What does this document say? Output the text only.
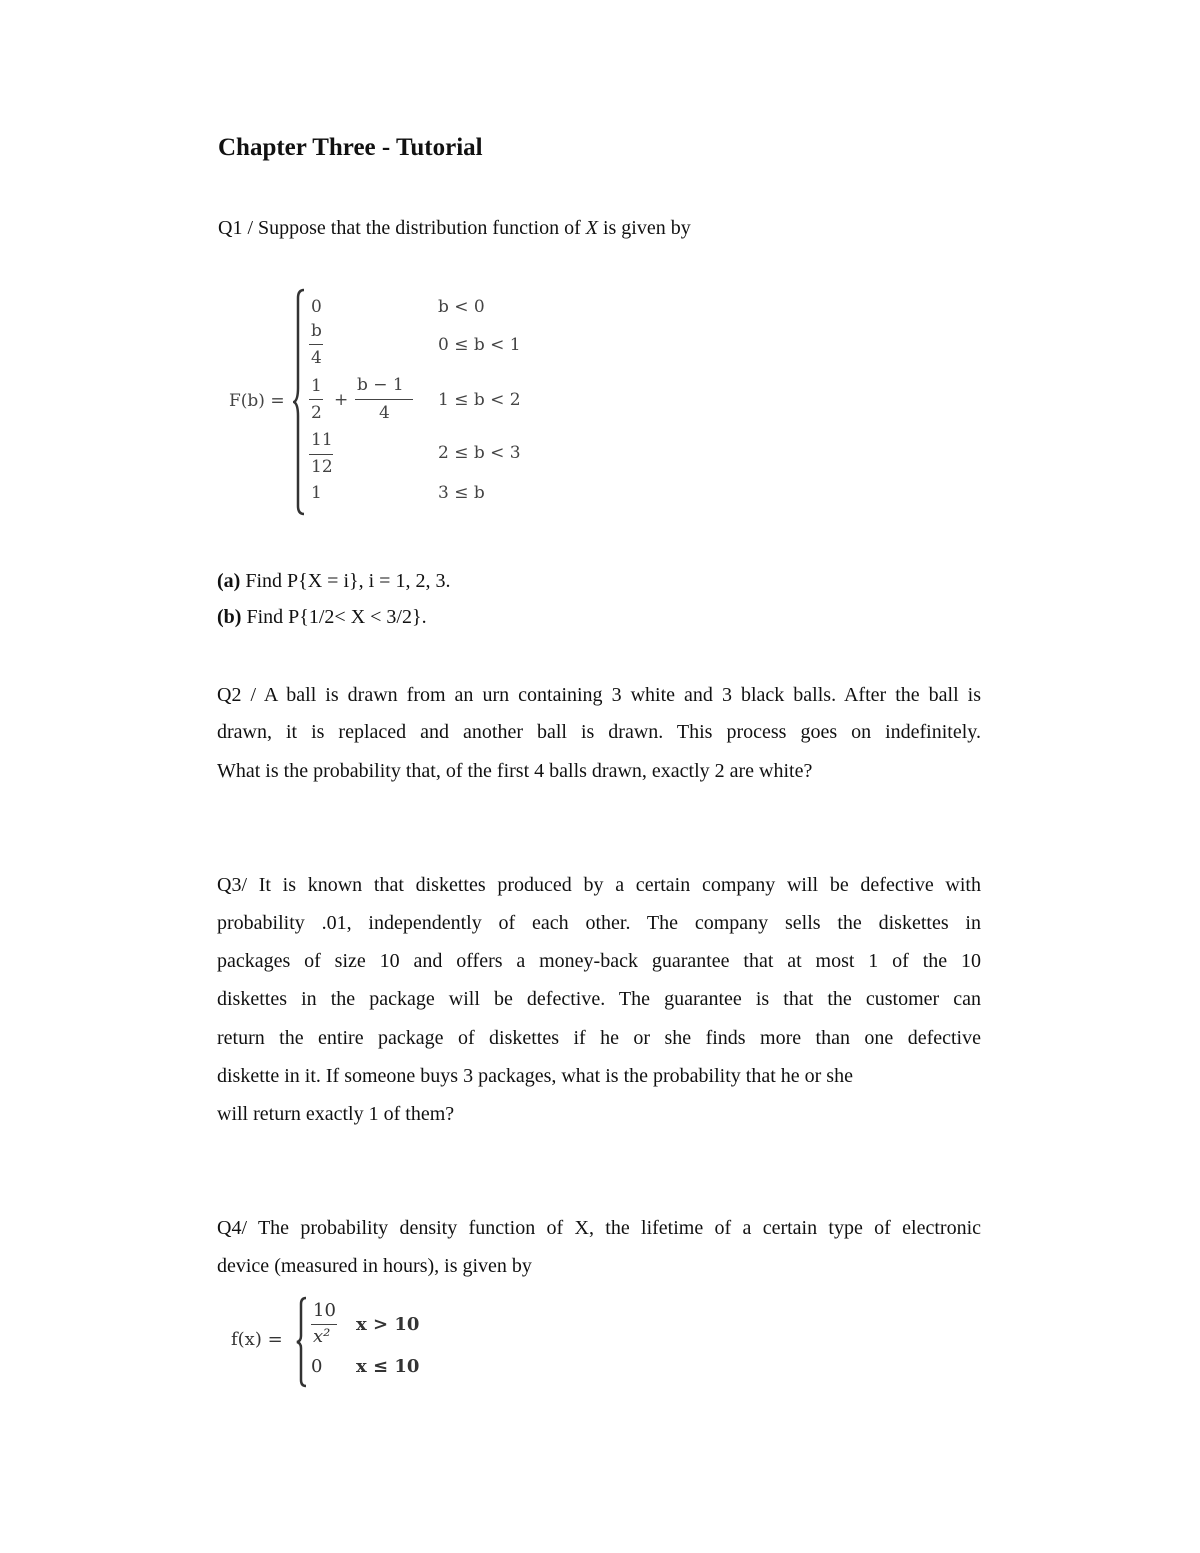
Chapter Three - Tutorial
Q1 / Suppose that the distribution function of X is given by
F(b) =
0	b < 0
b
4
0 ≤ b < 1
1
2
+
b − 1
4
1 ≤ b < 2
11
12
2 ≤ b < 3
1	3 ≤ b
(a) Find P{X = i}, i = 1, 2, 3.
(b) Find P{1/2< X < 3/2}.
Q2 / A ball is drawn from an urn containing 3 white and 3 black balls. After the ball is
drawn, it is replaced and another ball is drawn. This process goes on indefinitely.
What is the probability that, of the first 4 balls drawn, exactly 2 are white?
Q3/ It is known that diskettes produced by a certain company will be defective with
probability .01, independently of each other. The company sells the diskettes in
packages of size 10 and offers a money-back guarantee that at most 1 of the 10
diskettes in the package will be defective. The guarantee is that the customer can
return the entire package of diskettes if he or she finds more than one defective
diskette in it. If someone buys 3 packages, what is the probability that he or she
will return exactly 1 of them?
Q4/ The probability density function of X, the lifetime of a certain type of electronic
device (measured in hours), is given by
f(x) =
10
x²
x > 10
0 x ≤ 10
